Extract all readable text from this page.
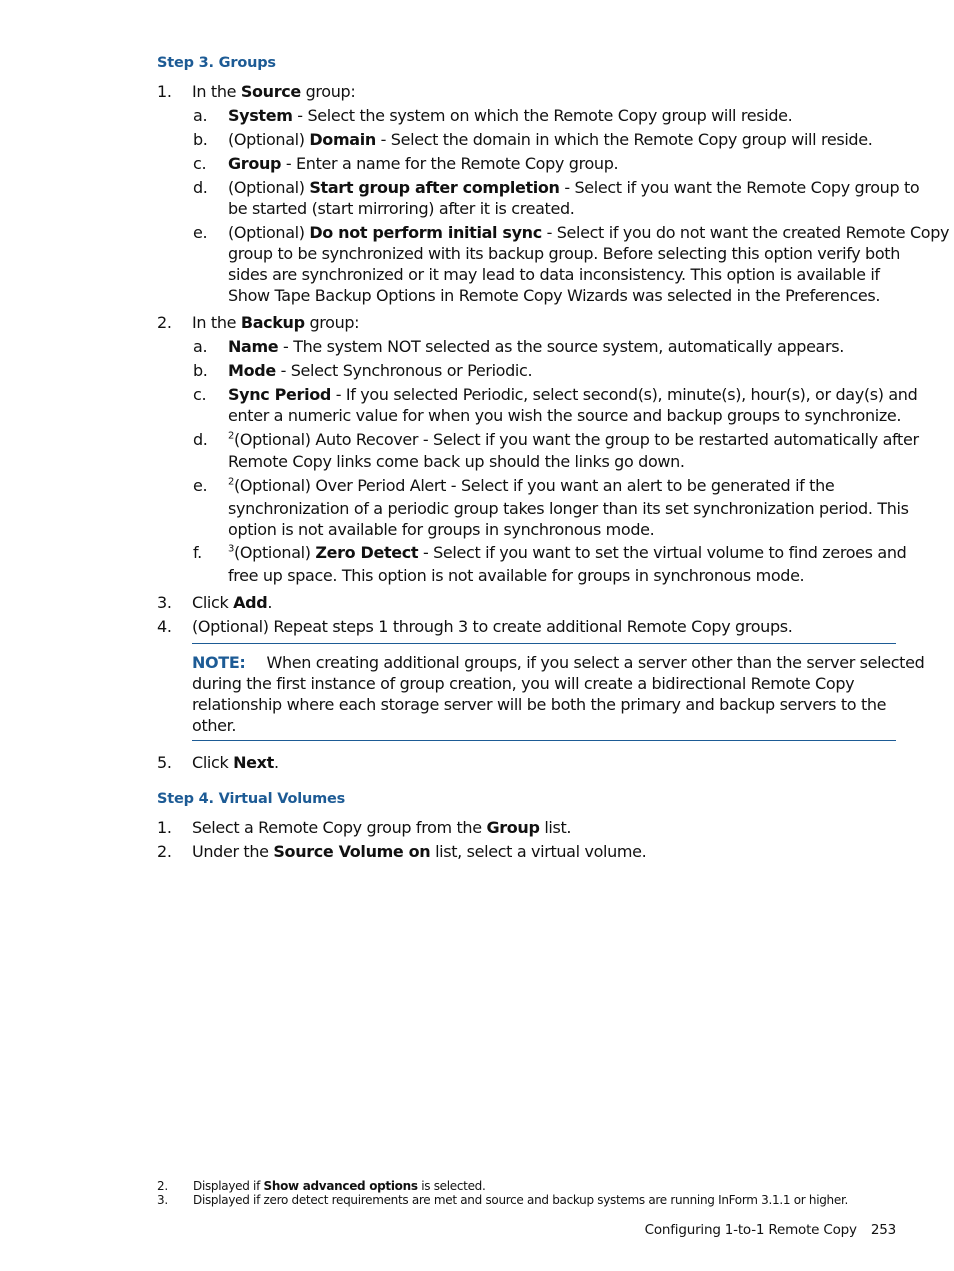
Step 3. Groups
1. In the Source group:
a. System - Select the system on which the Remote Copy group will reside.
b. (Optional) Domain - Select the domain in which the Remote Copy group will reside.
c. Group - Enter a name for the Remote Copy group.
d. (Optional) Start group after completion - Select if you want the Remote Copy group to
be started (start mirroring) after it is created.
e. (Optional) Do not perform initial sync - Select if you do not want the created Remote Copy
group to be synchronized with its backup group. Before selecting this option verify both
sides are synchronized or it may lead to data inconsistency. This option is available if
Show Tape Backup Options in Remote Copy Wizards was selected in the Preferences.
2. In the Backup group:
a. Name - The system NOT selected as the source system, automatically appears.
b. Mode - Select Synchronous or Periodic.
c. Sync Period - If you selected Periodic, select second(s), minute(s), hour(s), or day(s) and
enter a numeric value for when you wish the source and backup groups to synchronize.
d. $^2$(Optional) Auto Recover - Select if you want the group to be restarted automatically after
Remote Copy links come back up should the links go down.
e. $^2$(Optional) Over Period Alert - Select if you want an alert to be generated if the
synchronization of a periodic group takes longer than its set synchronization period. This
option is not available for groups in synchronous mode.
f.	$^3$(Optional) Zero Detect - Select if you want to set the virtual volume to find zeroes and
free up space. This option is not available for groups in synchronous mode.
3. Click Add.
4. (Optional) Repeat steps 1 through 3 to create additional Remote Copy groups.
NOTE: When creating additional groups, if you select a server other than the server selected
during the first instance of group creation, you will create a bidirectional Remote Copy
relationship where each storage server will be both the primary and backup servers to the
other.
5. Click Next.
Step 4. Virtual Volumes
1. Select a Remote Copy group from the Group list.
2. Under the Source Volume on list, select a virtual volume.
2. Displayed if Show advanced options is selected.
3. Displayed if zero detect requirements are met and source and backup systems are running InForm 3.1.1 or higher.
Configuring 1-to-1 Remote Copy 253
